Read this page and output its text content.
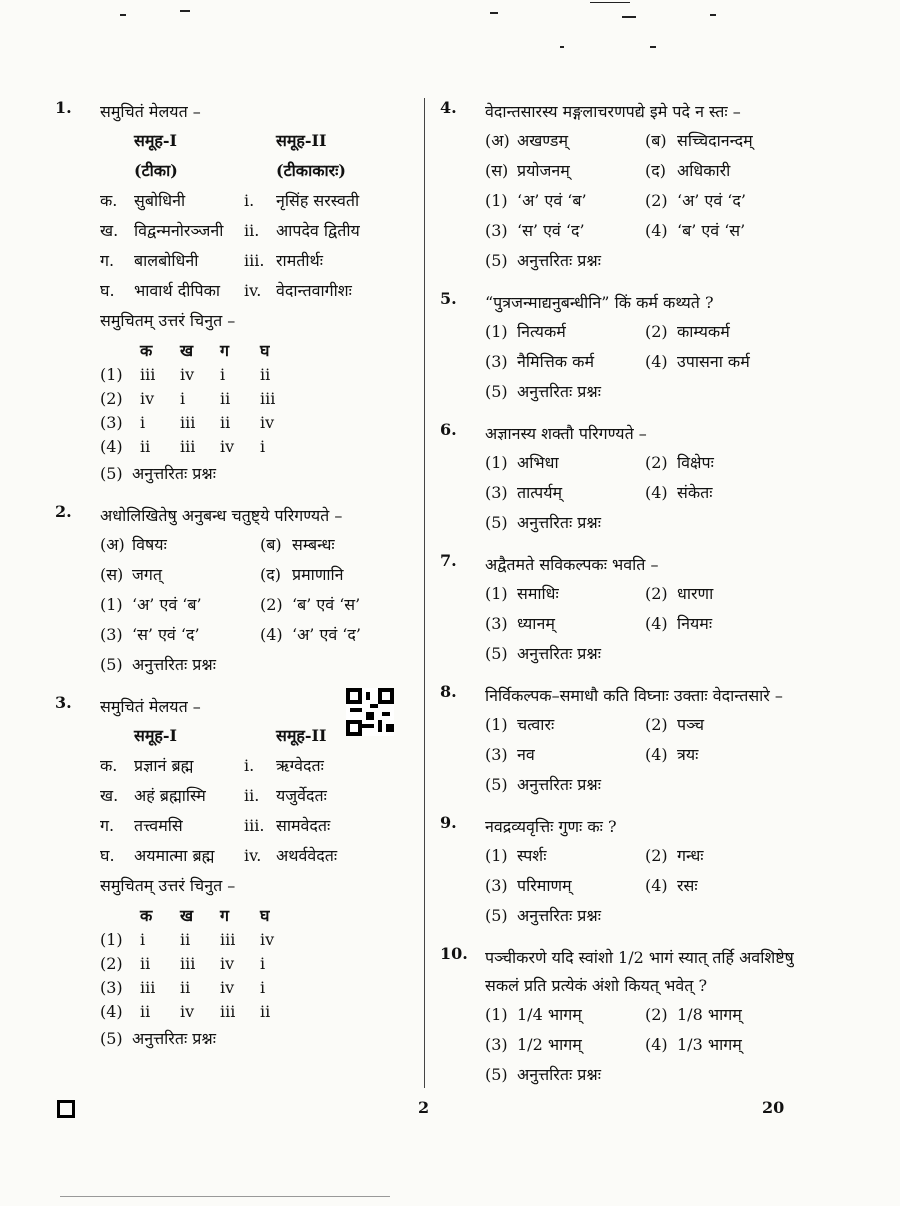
1. समुचितं मेलयत –
समूह-I	समूह-II
(टीका)	(टीकाकारः)
क.	सुबोधिनी	i.	नृसिंह सरस्वती
ख. विद्वन्मनोरञ्जनी	ii.	आपदेव द्वितीय
ग.	बालबोधिनी	iii. रामतीर्थः
घ.	भावार्थ दीपिका	iv. वेदान्तवागीशः
समुचितम् उत्तरं चिनुत –
क	ख	ग	घ
(1)	iii	iv	i	ii
(2)	iv	i	ii	iii
(3)	i	iii	ii	iv
(4)	ii	iii	iv	i
(5) अनुत्तरितः प्रश्नः
2. अधोलिखितेषु अनुबन्ध चतुष्ट्ये परिगण्यते –
(अ) विषयः	(ब) सम्बन्धः
(स) जगत्	(द) प्रमाणानि
(1) ‘अ’ एवं ‘ब’	(2) ‘ब’ एवं ‘स’
(3) ‘स’ एवं ‘द’	(4) ‘अ’ एवं ‘द’
(5) अनुत्तरितः प्रश्नः
3. समुचितं मेलयत –
समूह-I	समूह-II
क.	प्रज्ञानं ब्रह्म	i.	ऋग्वेदतः
ख. अहं ब्रह्मास्मि	ii.	यजुर्वेदतः
ग.	तत्त्वमसि	iii. सामवेदतः
घ.	अयमात्मा ब्रह्म	iv. अथर्ववेदतः
समुचितम् उत्तरं चिनुत –
क	ख	ग	घ
(1)	i	ii	iii	iv
(2)	ii	iii	iv	i
(3)	iii	ii	iv	i
(4)	ii	iv	iii	ii
(5) अनुत्तरितः प्रश्नः
4. वेदान्तसारस्य मङ्गलाचरणपद्ये इमे पदे न स्तः –
(अ) अखण्डम्	(ब) सच्चिदानन्दम्
(स) प्रयोजनम्	(द) अधिकारी
(1) ‘अ’ एवं ‘ब’	(2) ‘अ’ एवं ‘द’
(3) ‘स’ एवं ‘द’	(4) ‘ब’ एवं ‘स’
(5) अनुत्तरितः प्रश्नः
5. “पुत्रजन्माद्यनुबन्धीनि” किं कर्म कथ्यते ?
(1) नित्यकर्म	(2) काम्यकर्म
(3) नैमित्तिक कर्म	(4) उपासना कर्म
(5) अनुत्तरितः प्रश्नः
6. अज्ञानस्य शक्तौ परिगण्यते –
(1) अभिधा	(2) विक्षेपः
(3) तात्पर्यम्	(4) संकेतः
(5) अनुत्तरितः प्रश्नः
7. अद्वैतमते सविकल्पकः भवति –
(1) समाधिः	(2) धारणा
(3) ध्यानम्	(4) नियमः
(5) अनुत्तरितः प्रश्नः
8. निर्विकल्पक–समाधौ कति विघ्नाः उक्ताः वेदान्तसारे –
(1) चत्वारः	(2) पञ्च
(3) नव	(4) त्रयः
(5) अनुत्तरितः प्रश्नः
9. नवद्रव्यवृत्तिः गुणः कः ?
(1) स्पर्शः	(2) गन्धः
(3) परिमाणम्	(4) रसः
(5) अनुत्तरितः प्रश्नः
10. पञ्चीकरणे यदि स्वांशो 1/2 भागं स्यात् तर्हि अवशिष्टेषु सकलं प्रति प्रत्येकं अंशो कियत् भवेत् ?
(1) 1/4 भागम्	(2) 1/8 भागम्
(3) 1/2 भागम्	(4) 1/3 भागम्
(5) अनुत्तरितः प्रश्नः
2	20
